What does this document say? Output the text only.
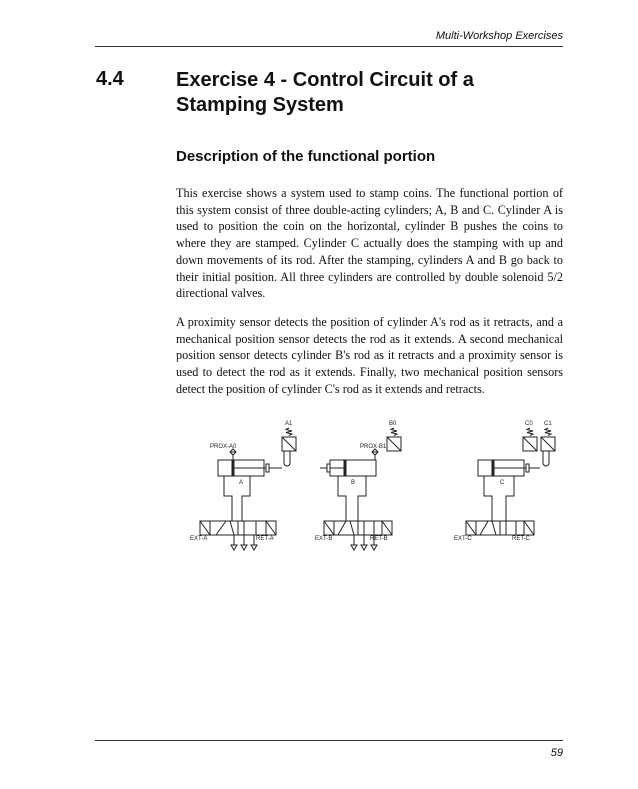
Multi-Workshop Exercises
4.4	Exercise 4 - Control Circuit of a Stamping System
Description of the functional portion

This exercise shows a system used to stamp coins. The functional portion of this system consist of three double-acting cylinders; A, B and C. Cylinder A is used to position the coin on the horizontal, cylinder B pushes the coins to where they are stamped. Cylinder C actually does the stamping with up and down movements of its rod. After the stamping, cylinders A and B go back to their initial position. All three cylinders are controlled by double solenoid 5/2 directional valves.

A proximity sensor detects the position of cylinder A's rod as it retracts, and a mechanical position sensor detects the rod as it extends. A second mechanical position sensor detects cylinder B's rod as it retracts and a proximity sensor is used to detect the rod as it extends. Finally, two mechanical position sensors detect the position of cylinder C's rod as it extends and retracts.

PROX-A0
A
A1
EXT-A	RET-A
PROX-B1
B
B0
EXT-B	RET-B
C
C0 C1
EXT-C	RET-C
59
